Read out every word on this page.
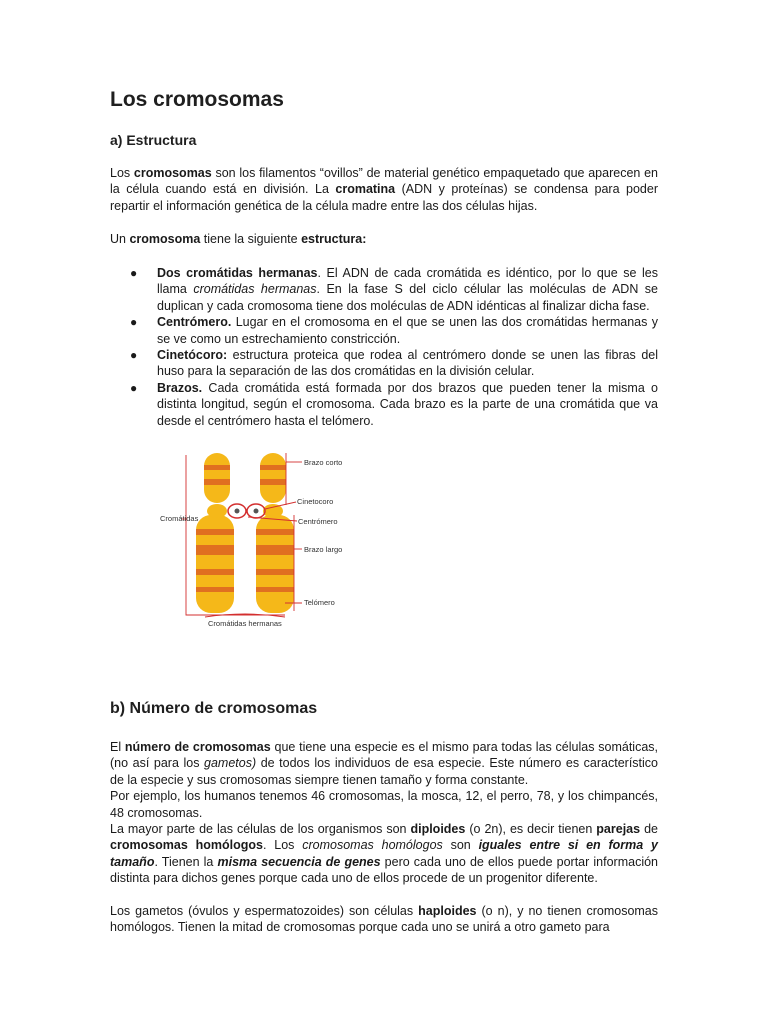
Los cromosomas
a) Estructura

Los cromosomas son los filamentos “ovillos” de material genético empaquetado que aparecen en la célula cuando está en división. La cromatina (ADN y proteínas) se condensa para poder repartir el información genética de la célula madre entre las dos células hijas.

Un cromosoma tiene la siguiente estructura:

● Dos cromátidas hermanas. El ADN de cada cromátida es idéntico, por lo que se les llama cromátidas hermanas. En la fase S del ciclo célular las moléculas de ADN se duplican y cada cromosoma tiene dos moléculas de ADN idénticas al finalizar dicha fase.
● Centrómero. Lugar en el cromosoma en el que se unen las dos cromátidas hermanas y se ve como un estrechamiento constricción.
● Cinetócoro: estructura proteica que rodea al centrómero donde se unen las fibras del huso para la separación de las dos cromátidas en la división celular.
● Brazos. Cada cromátida está formada por dos brazos que pueden tener la misma o distinta longitud, según el cromosoma. Cada brazo es la parte de una cromátida que va desde el centrómero hasta el telómero.
Brazo corto
Cinetocoro
Centrómero
Brazo largo
Telómero
Cromátidas
Cromátidas hermanas
b) Número de cromosomas

El número de cromosomas que tiene una especie es el mismo para todas las células somáticas, (no así para los gametos) de todos los individuos de esa especie. Este número es característico de la especie y sus cromosomas siempre tienen tamaño y forma constante.
Por ejemplo, los humanos tenemos 46 cromosomas, la mosca, 12, el perro, 78, y los chimpancés, 48 cromosomas.
La mayor parte de las células de los organismos son diploides (o 2n), es decir tienen parejas de cromosomas homólogos. Los cromosomas homólogos son iguales entre si en forma y tamaño. Tienen la misma secuencia de genes pero cada uno de ellos puede portar información distinta para dichos genes porque cada uno de ellos procede de un progenitor diferente.

Los gametos (óvulos y espermatozoides) son células haploides (o n), y no tienen cromosomas homólogos. Tienen la mitad de cromosomas porque cada uno se unirá a otro gameto para
